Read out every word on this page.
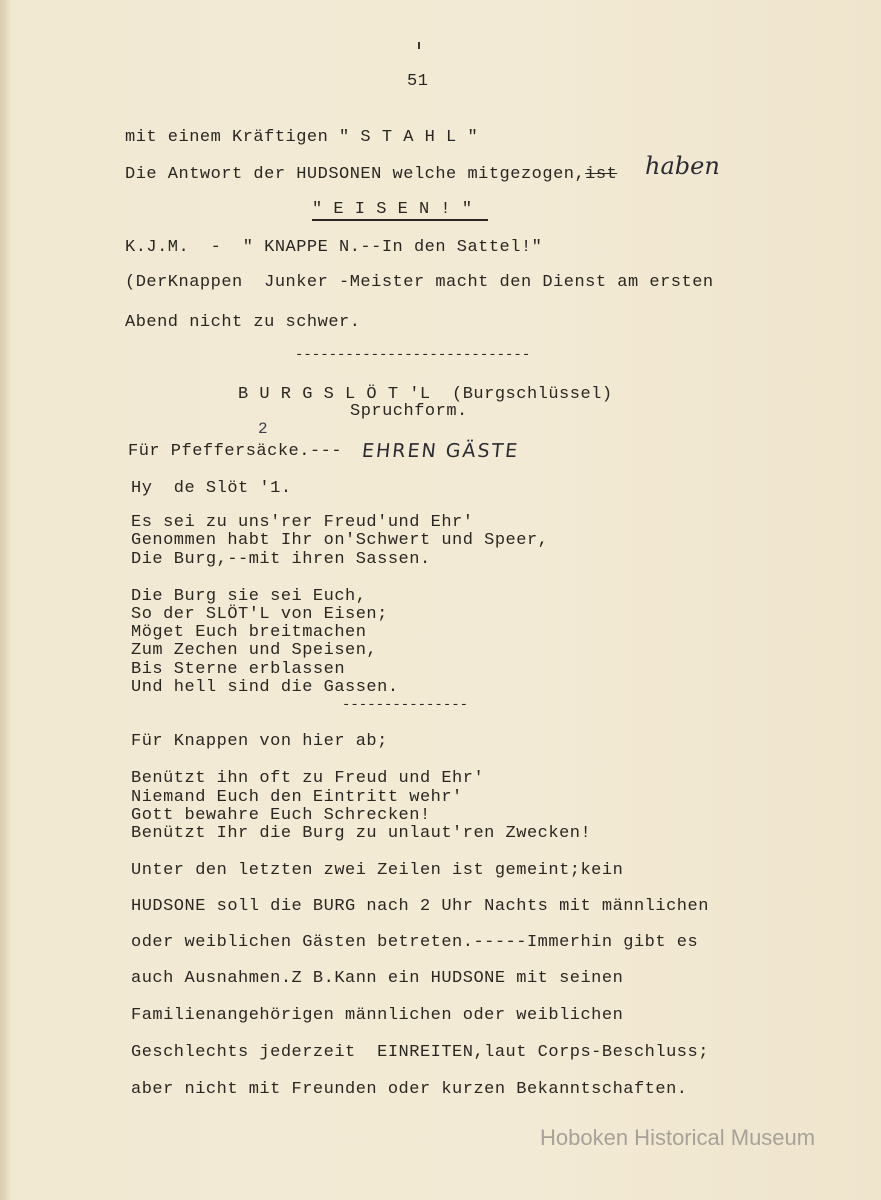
51
mit einem Kräftigen " S T A H L "
Die Antwort der HUDSONEN welche mitgezogen,ist haben
" E I S E N ! "
K.J.M.  -  " KNAPPE N.--In den Sattel!"
(DerKnappen  Junker -Meister macht den Dienst am ersten
Abend nicht zu schwer.
----------------------------
B U R G S L Ö T 'L  (Burgschlüssel)
Spruchform.
2
Für Pfeffersäcke.--- EHREN GÄSTE
Hy  de Slöt '1.
Es sei zu uns'rer Freud'und Ehr'
Genommen habt Ihr on'Schwert und Speer,
Die Burg,--mit ihren Sassen.
Die Burg sie sei Euch,
So der SLÖT'L von Eisen;
Möget Euch breitmachen
Zum Zechen und Speisen,
Bis Sterne erblassen
Und hell sind die Gassen.
---------------
Für Knappen von hier ab;
Benützt ihn oft zu Freud und Ehr'
Niemand Euch den Eintritt wehr'
Gott bewahre Euch Schrecken!
Benützt Ihr die Burg zu unlaut'ren Zwecken!
Unter den letzten zwei Zeilen ist gemeint;kein
HUDSONE soll die BURG nach 2 Uhr Nachts mit männlichen
oder weiblichen Gästen betreten.-----Immerhin gibt es
auch Ausnahmen.Z B.Kann ein HUDSONE mit seinen
Familienangehörigen männlichen oder weiblichen
Geschlechts jederzeit  EINREITEN,laut Corps-Beschluss;
aber nicht mit Freunden oder kurzen Bekanntschaften.
Hoboken Historical Museum
